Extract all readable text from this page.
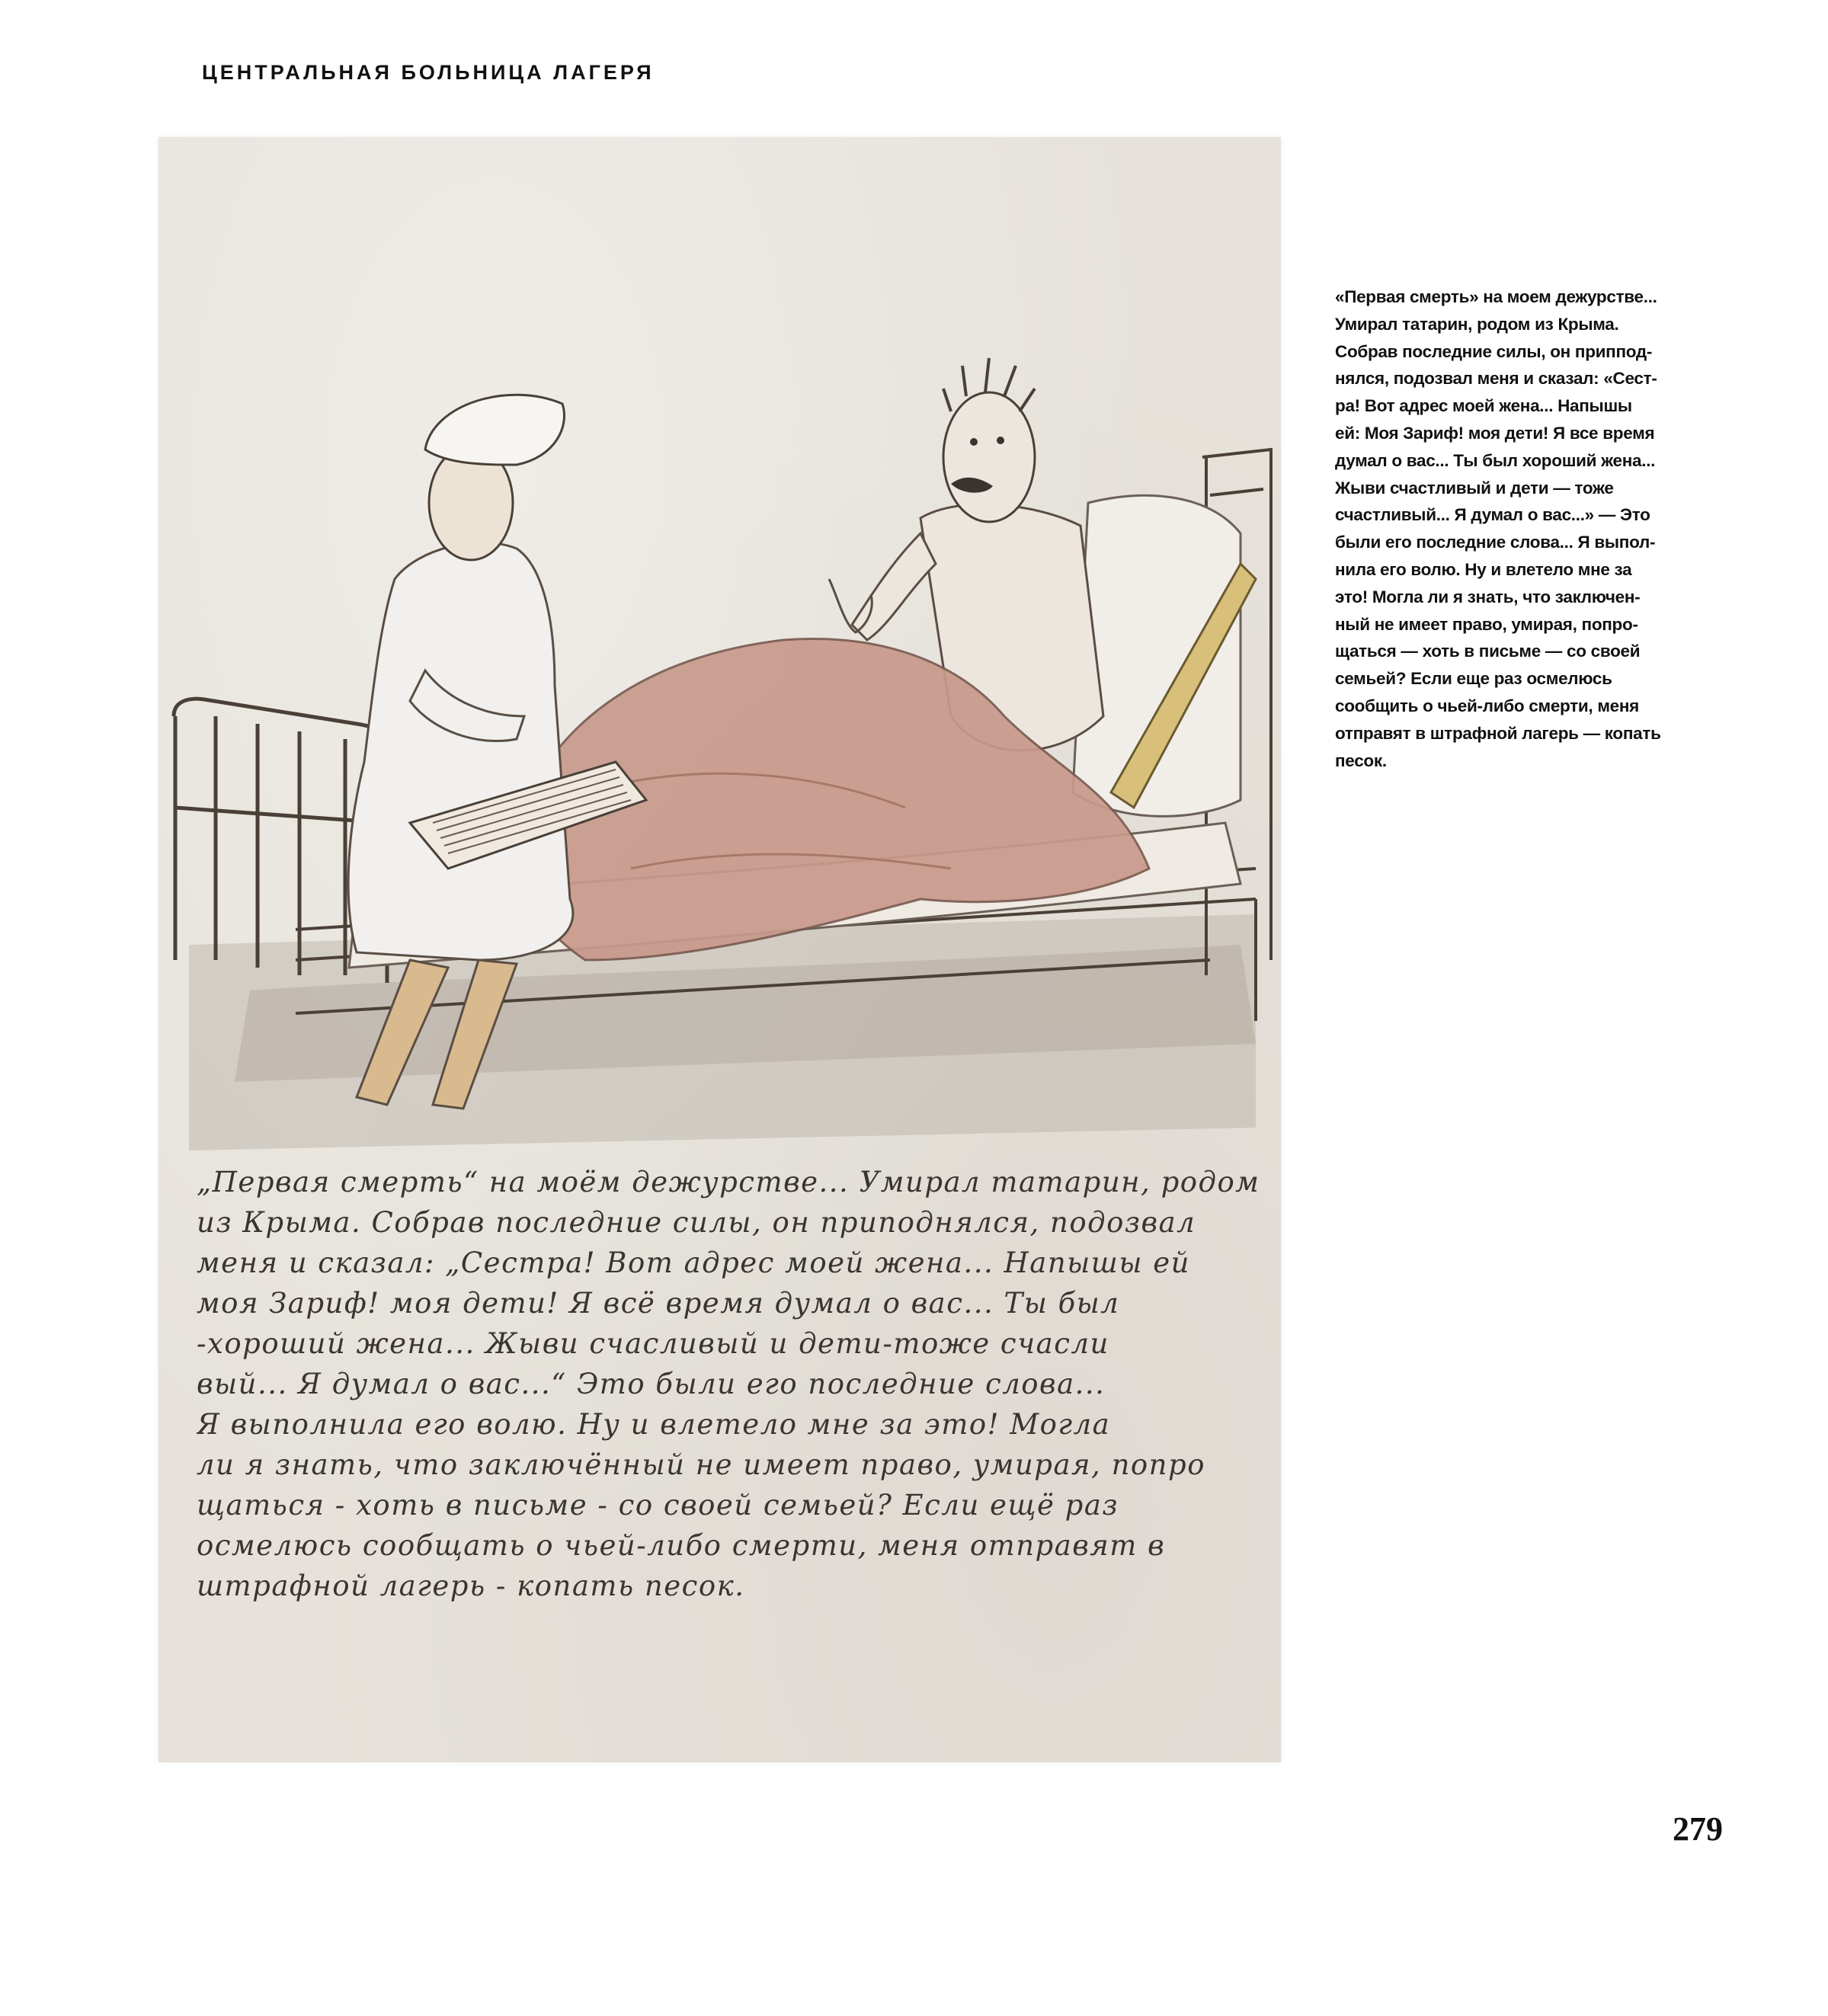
ЦЕНТРАЛЬНАЯ БОЛЬНИЦА ЛАГЕРЯ
„Первая смерть“ на моём дежурстве... Умирал татарин, родом
из Крыма. Собрав последние силы, он приподнялся, подозвал
меня и сказал: „Сестра! Вот адрес моей жена... Напышы ей
моя Зариф! моя дети! Я всё время думал о вас... Ты был
-хороший жена... Жыви счасливый и дети-тоже счасли
вый... Я думал о вас...“ Это были его последние слова...
Я выполнила его волю. Ну и влетело мне за это! Могла
ли я знать, что заключённый не имеет право, умирая, попро
щаться - хоть в письме - со своей семьей? Если ещё раз
осмелюсь сообщать о чьей-либо смерти, меня отправят в
штрафной лагерь - копать песок.
«Первая смерть» на моем дежурстве...
Умирал татарин, родом из Крыма.
Собрав последние силы, он приппод-
нялся, подозвал меня и сказал: «Сест-
ра! Вот адрес моей жена... Напышы
ей: Моя Зариф! моя дети! Я все время
думал о вас... Ты был хороший жена...
Жыви счастливый и дети — тоже
счастливый... Я думал о вас...» — Это
были его последние слова... Я выпол-
нила его волю. Ну и влетело мне за
это! Могла ли я знать, что заключен-
ный не имеет право, умирая, попро-
щаться — хоть в письме — со своей
семьей? Если еще раз осмелюсь
сообщить о чьей-либо смерти, меня
отправят в штрафной лагерь — копать
песок.
279
